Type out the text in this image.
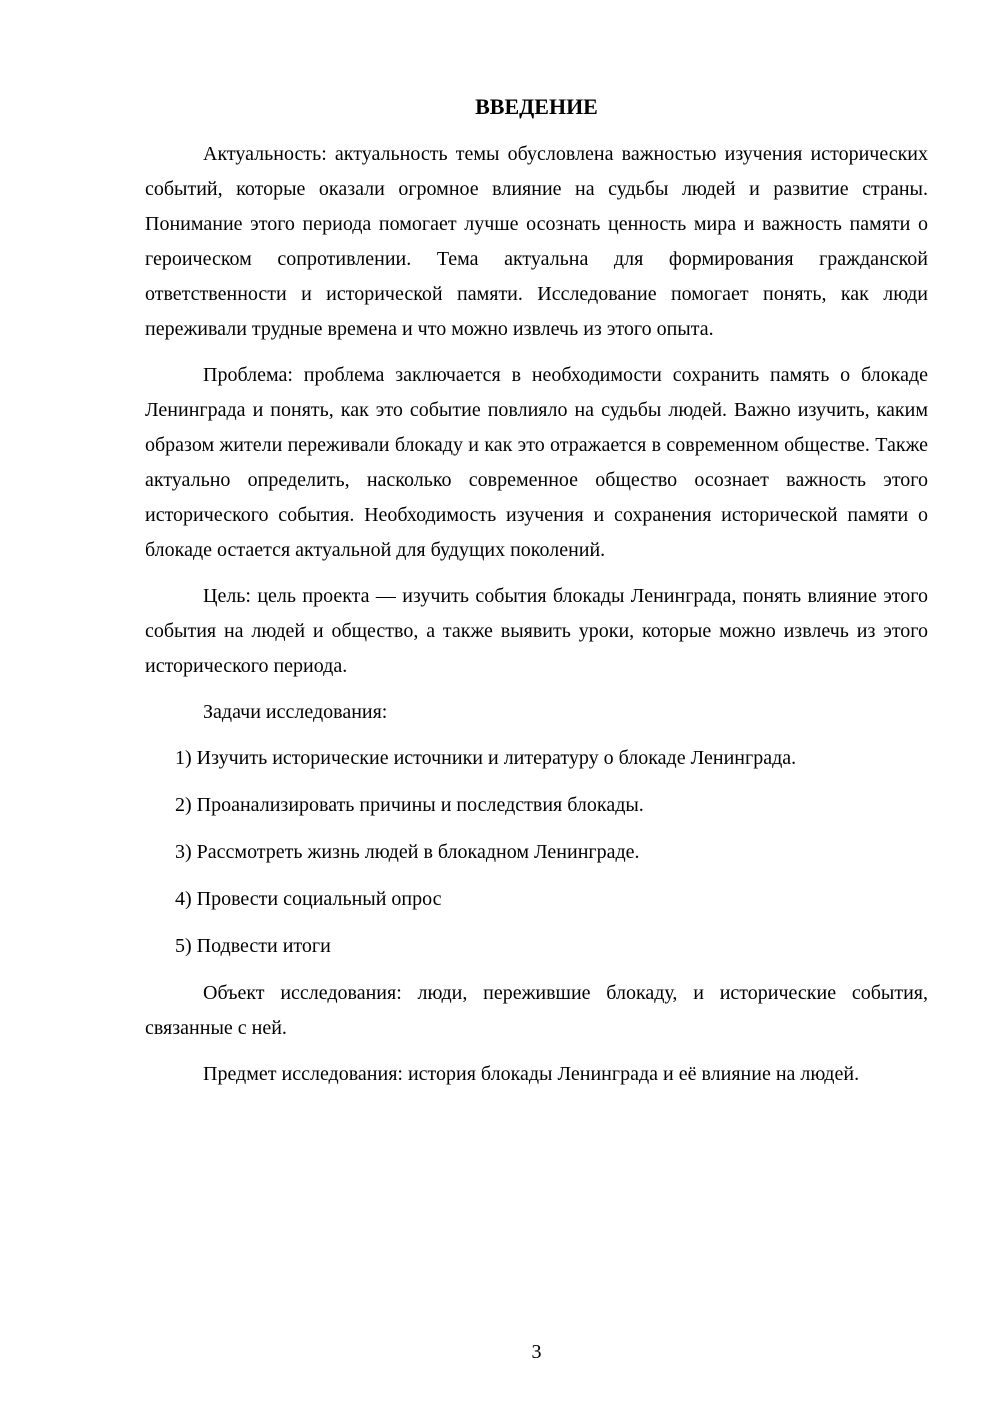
ВВЕДЕНИЕ

Актуальность: актуальность темы обусловлена важностью изучения исторических событий, которые оказали огромное влияние на судьбы людей и развитие страны. Понимание этого периода помогает лучше осознать ценность мира и важность памяти о героическом сопротивлении. Тема актуальна для формирования гражданской ответственности и исторической памяти. Исследование помогает понять, как люди переживали трудные времена и что можно извлечь из этого опыта.

Проблема: проблема заключается в необходимости сохранить память о блокаде Ленинграда и понять, как это событие повлияло на судьбы людей. Важно изучить, каким образом жители переживали блокаду и как это отражается в современном обществе. Также актуально определить, насколько современное общество осознает важность этого исторического события. Необходимость изучения и сохранения исторической памяти о блокаде остается актуальной для будущих поколений.

Цель: цель проекта — изучить события блокады Ленинграда, понять влияние этого события на людей и общество, а также выявить уроки, которые можно извлечь из этого исторического периода.

Задачи исследования:

1) Изучить исторические источники и литературу о блокаде Ленинграда.

2) Проанализировать причины и последствия блокады.

3) Рассмотреть жизнь людей в блокадном Ленинграде.

4) Провести социальный опрос

5) Подвести итоги

Объект исследования: люди, пережившие блокаду, и исторические события, связанные с ней.

Предмет исследования: история блокады Ленинграда и её влияние на людей.

3
